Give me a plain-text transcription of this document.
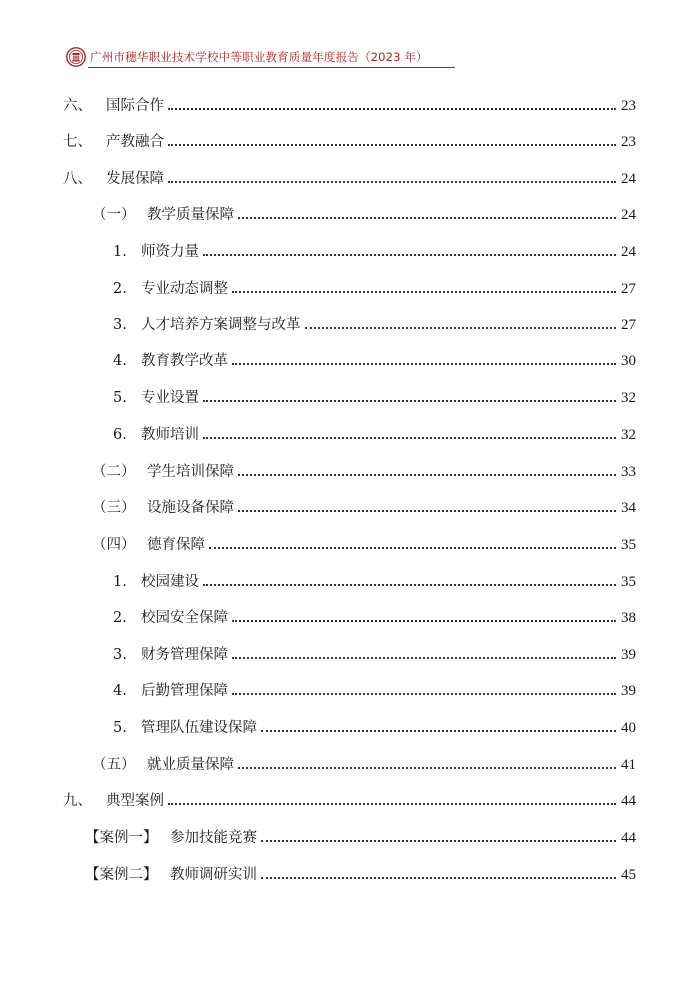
广州市穗华职业技术学校中等职业教育质量年度报告（2023 年）
六、 国际合作	23
七、 产教融合	23
八、 发展保障	24
（一） 教学质量保障	24
1. 师资力量	24
2. 专业动态调整	27
3. 人才培养方案调整与改革	27
4. 教育教学改革	30
5. 专业设置	32
6. 教师培训	32
（二） 学生培训保障	33
（三） 设施设备保障	34
（四） 德育保障	35
1. 校园建设	35
2. 校园安全保障	38
3. 财务管理保障	39
4. 后勤管理保障	39
5. 管理队伍建设保障	40
（五） 就业质量保障	41
九、 典型案例	44
【案例一】 参加技能竞赛	44
【案例二】 教师调研实训	45
